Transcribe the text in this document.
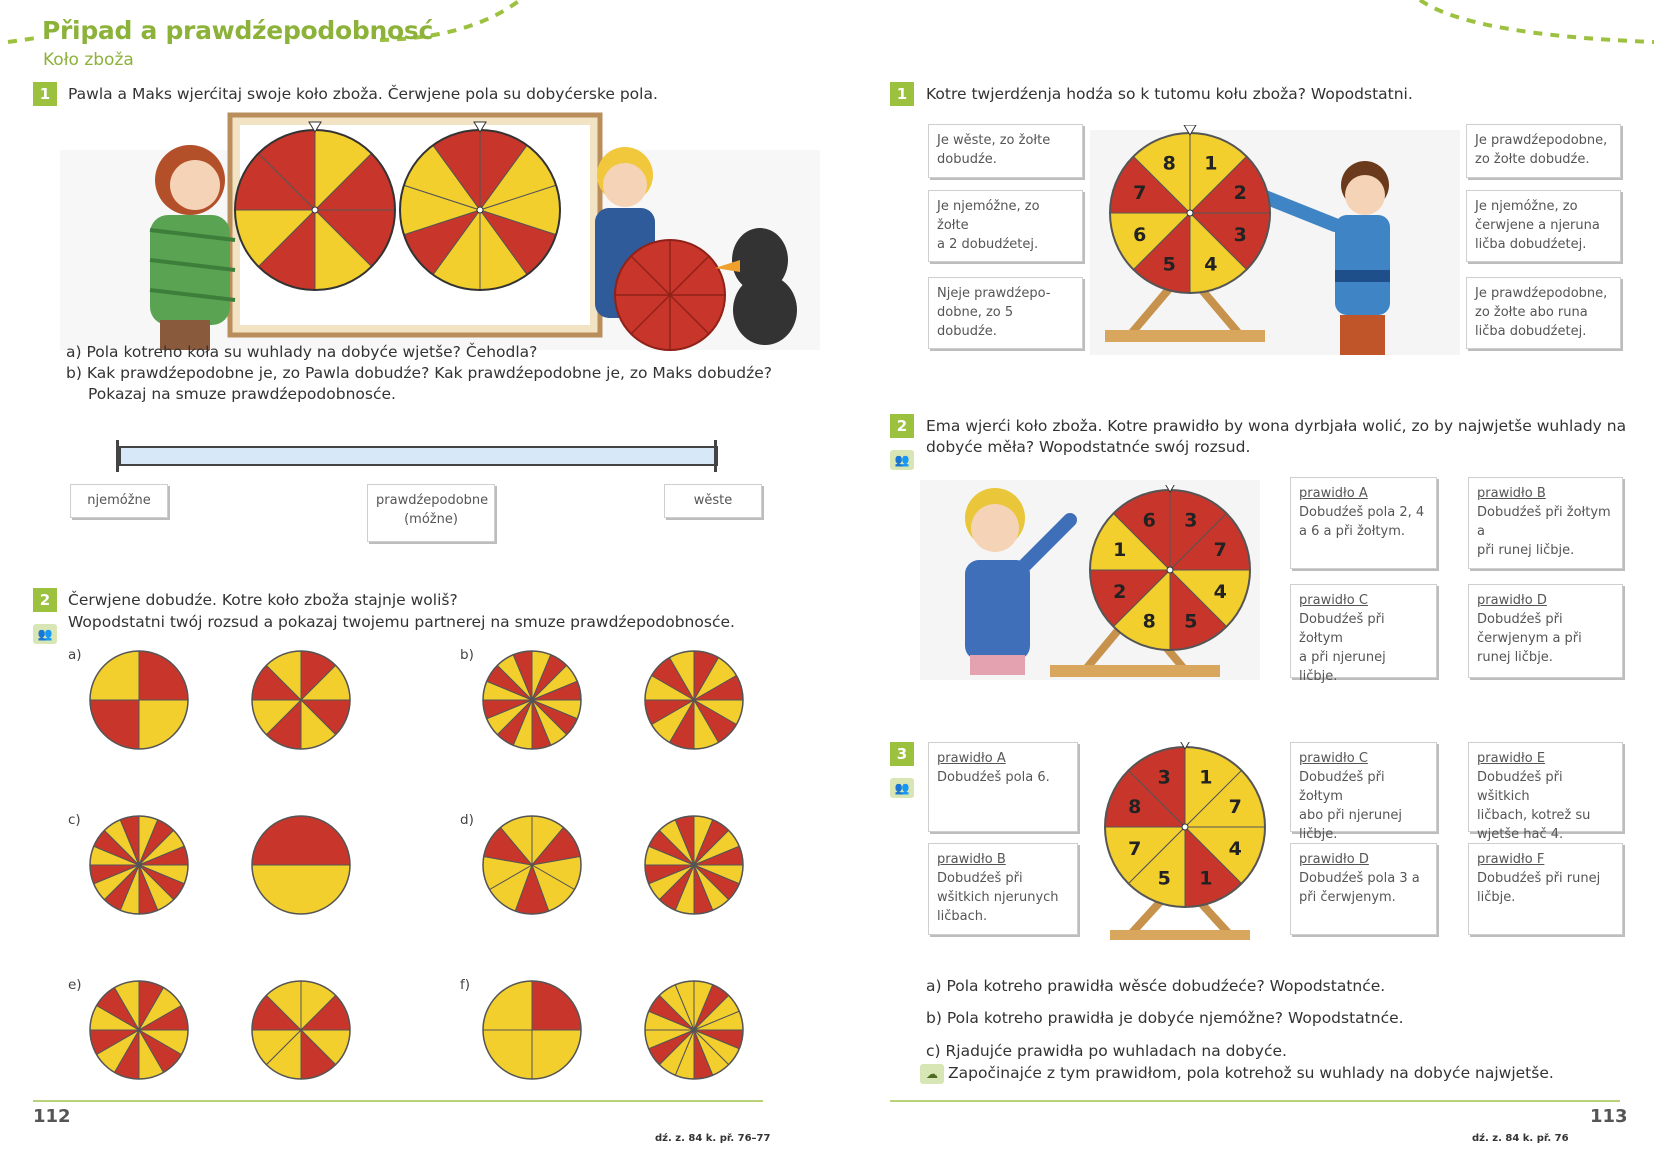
Připad a prawdźepodobnosć
Koło zboža
1	Pawla a Maks wjerćitaj swoje koło zboža. Čerwjene pola su dobyćerske pola.
a) Pola kotreho koła su wuhlady na dobyće wjetše? Čehodla?
b) Kak prawdźepodobne je, zo Pawla dobudźe? Kak prawdźepodobne je, zo Maks dobudźe?
Pokazaj na smuze prawdźepodobnosće.
njemóžne	prawdźepodobne
(móžne)
wěste
2
👥
Čerwjene dobudźe. Kotre koło zboža stajnje woliš?
Wopodstatni twój rozsud a pokazaj twojemu partnerej na smuze prawdźepodobnosće.
a)	b)
c)	d)
e)	f)
112
dź. z. 84 k. př. 76–77
1	Kotre twjerdźenja hodźa so k tutomu kołu zboža? Wopodstatni.
Je wěste, zo žołte
dobudźe.
Je njemóžne, zo žołte
a 2 dobudźetej.
Njeje prawdźepo-
dobne, zo 5 dobudźe.
Je prawdźepodobne,
zo žołte dobudźe.
Je njemóžne, zo
čerwjene a njeruna
ličba dobudźetej.
Je prawdźepodobne,
zo žołte abo runa
ličba dobudźetej.
1
2
3
4
5
6
7
8
2
👥
Ema wjerći koło zboža. Kotre prawidło by wona dyrbjała wolić, zo by najwjetše wuhlady na
dobyće měła? Wopodstatnće swój rozsud.
3
7
4
5
8
2
1
6
prawidło A
Dobudźeš pola 2, 4
a 6 a při žołtym.
prawidło B
Dobudźeš při žołtym a
při runej ličbje.
prawidło C
Dobudźeš při žołtym
a při njerunej ličbje.
prawidło D
Dobudźeš při
čerwjenym a při
runej ličbje.
3
👥	1
7
4
1
5
7
8
3
prawidło A
Dobudźeš pola 6.
prawidło B
Dobudźeš při
wšitkich njerunych
ličbach.
prawidło C
Dobudźeš při žołtym
abo při njerunej
ličbje.
prawidło D
Dobudźeš pola 3 a
při čerwjenym.
prawidło E
Dobudźeš při wšitkich
ličbach, kotrež su
wjetše hač 4.
prawidło F
Dobudźeš při runej
ličbje.
a) Pola kotreho prawidła wěsće dobudźeće? Wopodstatnće.
b) Pola kotreho prawidła je dobyće njemóžne? Wopodstatnće.
c) Rjadujće prawidła po wuhladach na dobyće.
☁ Započinajće z tym prawidłom, pola kotrehož su wuhlady na dobyće najwjetše.
113
dź. z. 84 k. př. 76
